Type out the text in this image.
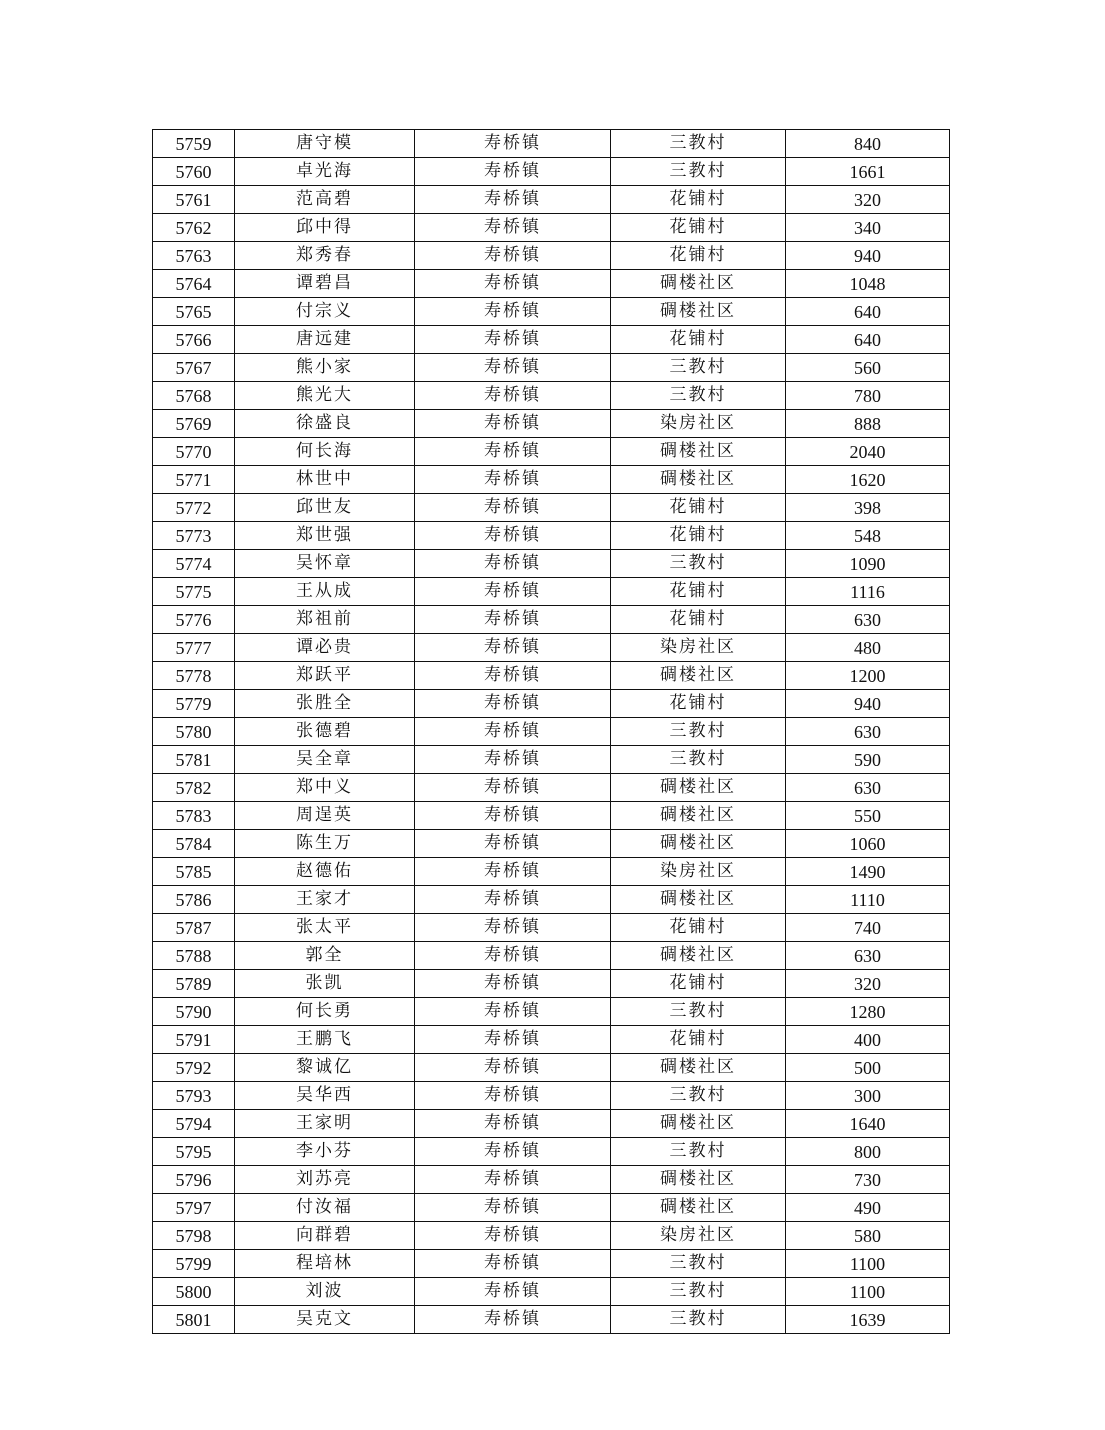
5759	唐守模	寿桥镇	三教村	840
5760	卓光海	寿桥镇	三教村	1661
5761	范高碧	寿桥镇	花铺村	320
5762	邱中得	寿桥镇	花铺村	340
5763	郑秀春	寿桥镇	花铺村	940
5764	谭碧昌	寿桥镇	碉楼社区	1048
5765	付宗义	寿桥镇	碉楼社区	640
5766	唐远建	寿桥镇	花铺村	640
5767	熊小家	寿桥镇	三教村	560
5768	熊光大	寿桥镇	三教村	780
5769	徐盛良	寿桥镇	染房社区	888
5770	何长海	寿桥镇	碉楼社区	2040
5771	林世中	寿桥镇	碉楼社区	1620
5772	邱世友	寿桥镇	花铺村	398
5773	郑世强	寿桥镇	花铺村	548
5774	吴怀章	寿桥镇	三教村	1090
5775	王从成	寿桥镇	花铺村	1116
5776	郑祖前	寿桥镇	花铺村	630
5777	谭必贵	寿桥镇	染房社区	480
5778	郑跃平	寿桥镇	碉楼社区	1200
5779	张胜全	寿桥镇	花铺村	940
5780	张德碧	寿桥镇	三教村	630
5781	吴全章	寿桥镇	三教村	590
5782	郑中义	寿桥镇	碉楼社区	630
5783	周逞英	寿桥镇	碉楼社区	550
5784	陈生万	寿桥镇	碉楼社区	1060
5785	赵德佑	寿桥镇	染房社区	1490
5786	王家才	寿桥镇	碉楼社区	1110
5787	张太平	寿桥镇	花铺村	740
5788	郭全	寿桥镇	碉楼社区	630
5789	张凯	寿桥镇	花铺村	320
5790	何长勇	寿桥镇	三教村	1280
5791	王鹏飞	寿桥镇	花铺村	400
5792	黎诚亿	寿桥镇	碉楼社区	500
5793	吴华西	寿桥镇	三教村	300
5794	王家明	寿桥镇	碉楼社区	1640
5795	李小芬	寿桥镇	三教村	800
5796	刘苏亮	寿桥镇	碉楼社区	730
5797	付汝福	寿桥镇	碉楼社区	490
5798	向群碧	寿桥镇	染房社区	580
5799	程培林	寿桥镇	三教村	1100
5800	刘波	寿桥镇	三教村	1100
5801	吴克文	寿桥镇	三教村	1639
